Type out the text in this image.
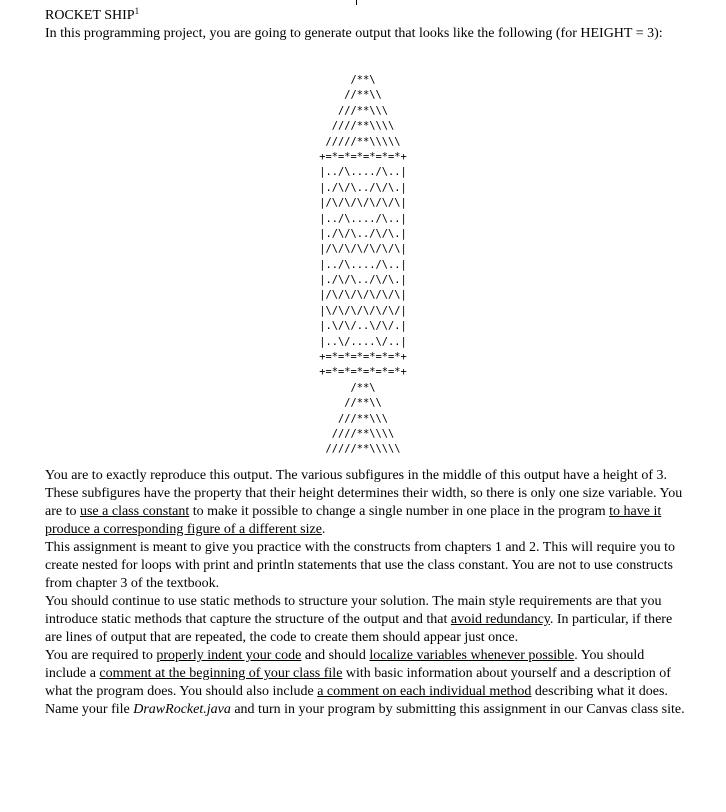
ROCKET SHIP$^1$
In this programming project, you are going to generate output that looks like the following (for HEIGHT = 3):
/**\
//**\\
///**\\\
////**\\\\
/////**\\\\\
+=*=*=*=*=*=*+
|../\..../\..|
|./\/\../\/\.|
|/\/\/\/\/\/\|
|../\..../\..|
|./\/\../\/\.|
|/\/\/\/\/\/\|
|../\..../\..|
|./\/\../\/\.|
|/\/\/\/\/\/\|
|\/\/\/\/\/\/|
|.\/\/..\/\/.|
|..\/....\/..|
+=*=*=*=*=*=*+
+=*=*=*=*=*=*+
/**\
//**\\
///**\\\
////**\\\\
/////**\\\\\

You are to exactly reproduce this output. The various subfigures in the middle of this output have a height of 3. These subfigures have the property that their height determines their width, so there is only one size variable. You are to use a class constant to make it possible to change a single number in one place in the program to have it produce a corresponding figure of a different size.

This assignment is meant to give you practice with the constructs from chapters 1 and 2. This will require you to create nested for loops with print and println statements that use the class constant. You are not to use constructs from chapter 3 of the textbook.

You should continue to use static methods to structure your solution. The main style requirements are that you introduce static methods that capture the structure of the output and that avoid redundancy. In particular, if there are lines of output that are repeated, the code to create them should appear just once.

You are required to properly indent your code and should localize variables whenever possible. You should include a comment at the beginning of your class file with basic information about yourself and a description of what the program does. You should also include a comment on each individual method describing what it does. Name your file DrawRocket.java and turn in your program by submitting this assignment in our Canvas class site.
